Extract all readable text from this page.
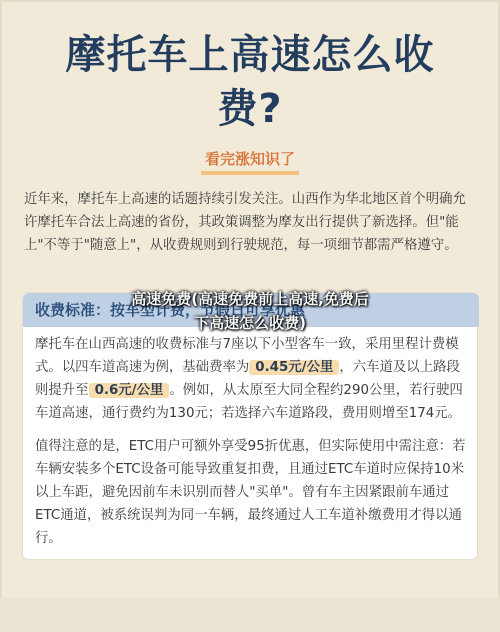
摩托车上高速怎么收
费?
看完涨知识了

近年来，摩托车上高速的话题持续引发关注。山西作为华北地区首个明确允许摩托车合法上高速的省份，其政策调整为摩友出行提供了新选择。但"能上"不等于"随意上"，从收费规则到行驶规范，每一项细节都需严格遵守。

收费标准：按车型计费，节假日可享优惠

摩托车在山西高速的收费标准与7座以下小型客车一致，采用里程计费模式。以四车道高速为例，基础费率为 0.45元/公里 ，六车道及以上路段则提升至 0.6元/公里 。例如，从太原至大同全程约290公里，若行驶四车道高速，通行费约为130元；若选择六车道路段，费用则增至174元。

值得注意的是，ETC用户可额外享受95折优惠，但实际使用中需注意：若车辆安装多个ETC设备可能导致重复扣费，且通过ETC车道时应保持10米以上车距，避免因前车未识别而替人"买单"。曾有车主因紧跟前车通过ETC通道，被系统误判为同一车辆，最终通过人工车道补缴费用才得以通行。

高速免费(高速免费前上高速,免费后
下高速怎么收费)
